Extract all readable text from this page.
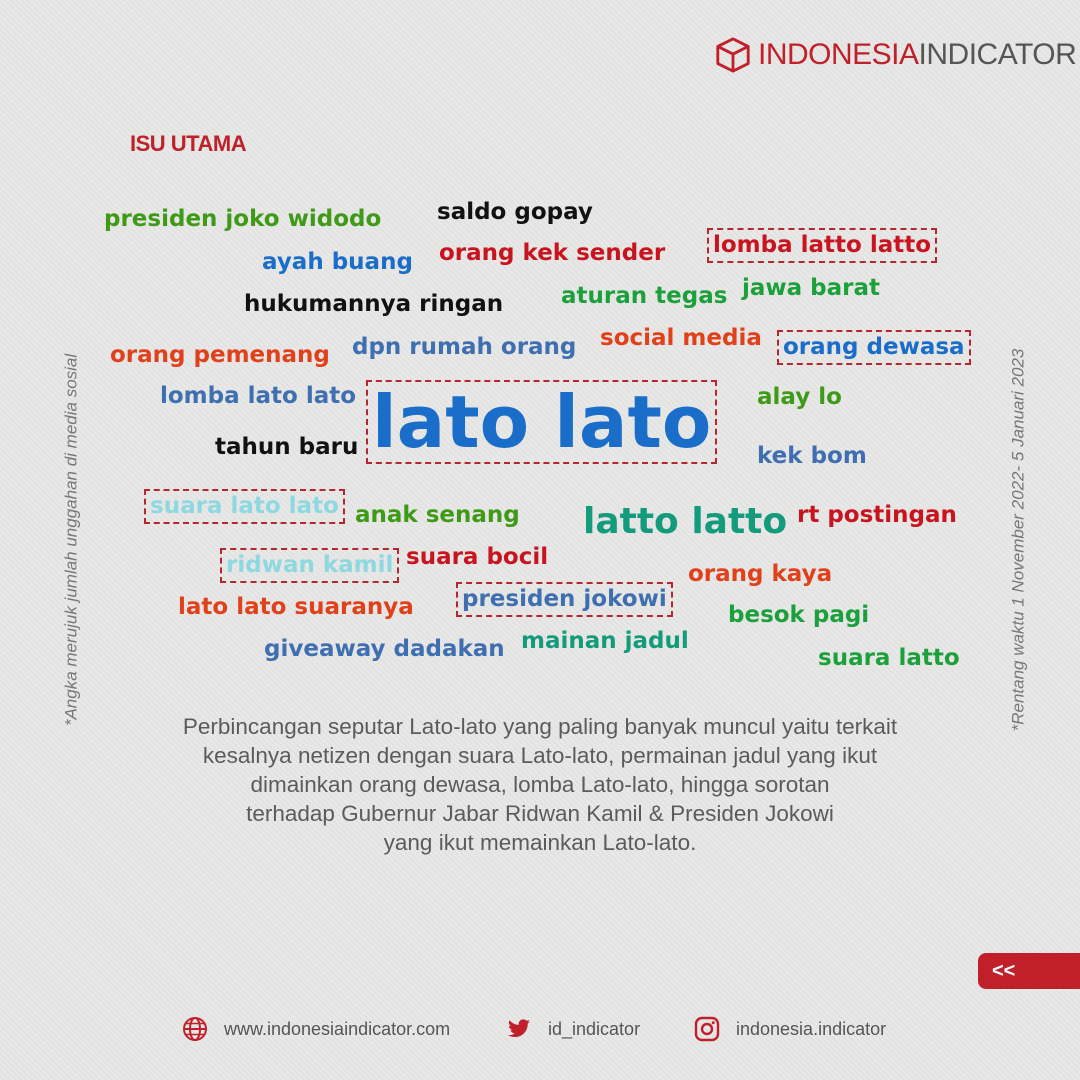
INDONESIAINDICATOR
ISU UTAMA
presiden joko widodo saldo gopay
orang kek sender lomba latto latto
ayah buang
hukumannya ringan	aturan tegas jawa barat
orang pemenang dpn rumah orang social media orang dewasa
lomba lato lato lato lato alay lo
tahun baru	kek bom
suara lato lato anak senang latto latto rt postingan
ridwan kamil suara bocil
orang kaya
lato lato suaranya presiden jokowi
besok pagi
giveaway dadakan mainan jadul
suara latto
*Angka merujuk jumlah unggahan di media sosial	*Rentang waktu 1 November 2022- 5 Januari 2023
Perbincangan seputar Lato-lato yang paling banyak muncul yaitu terkait
kesalnya netizen dengan suara Lato-lato, permainan jadul yang ikut
dimainkan orang dewasa, lomba Lato-lato, hingga sorotan
terhadap Gubernur Jabar Ridwan Kamil & Presiden Jokowi
yang ikut memainkan Lato-lato.
<<
www.indonesiaindicator.com	id_indicator	indonesia.indicator
